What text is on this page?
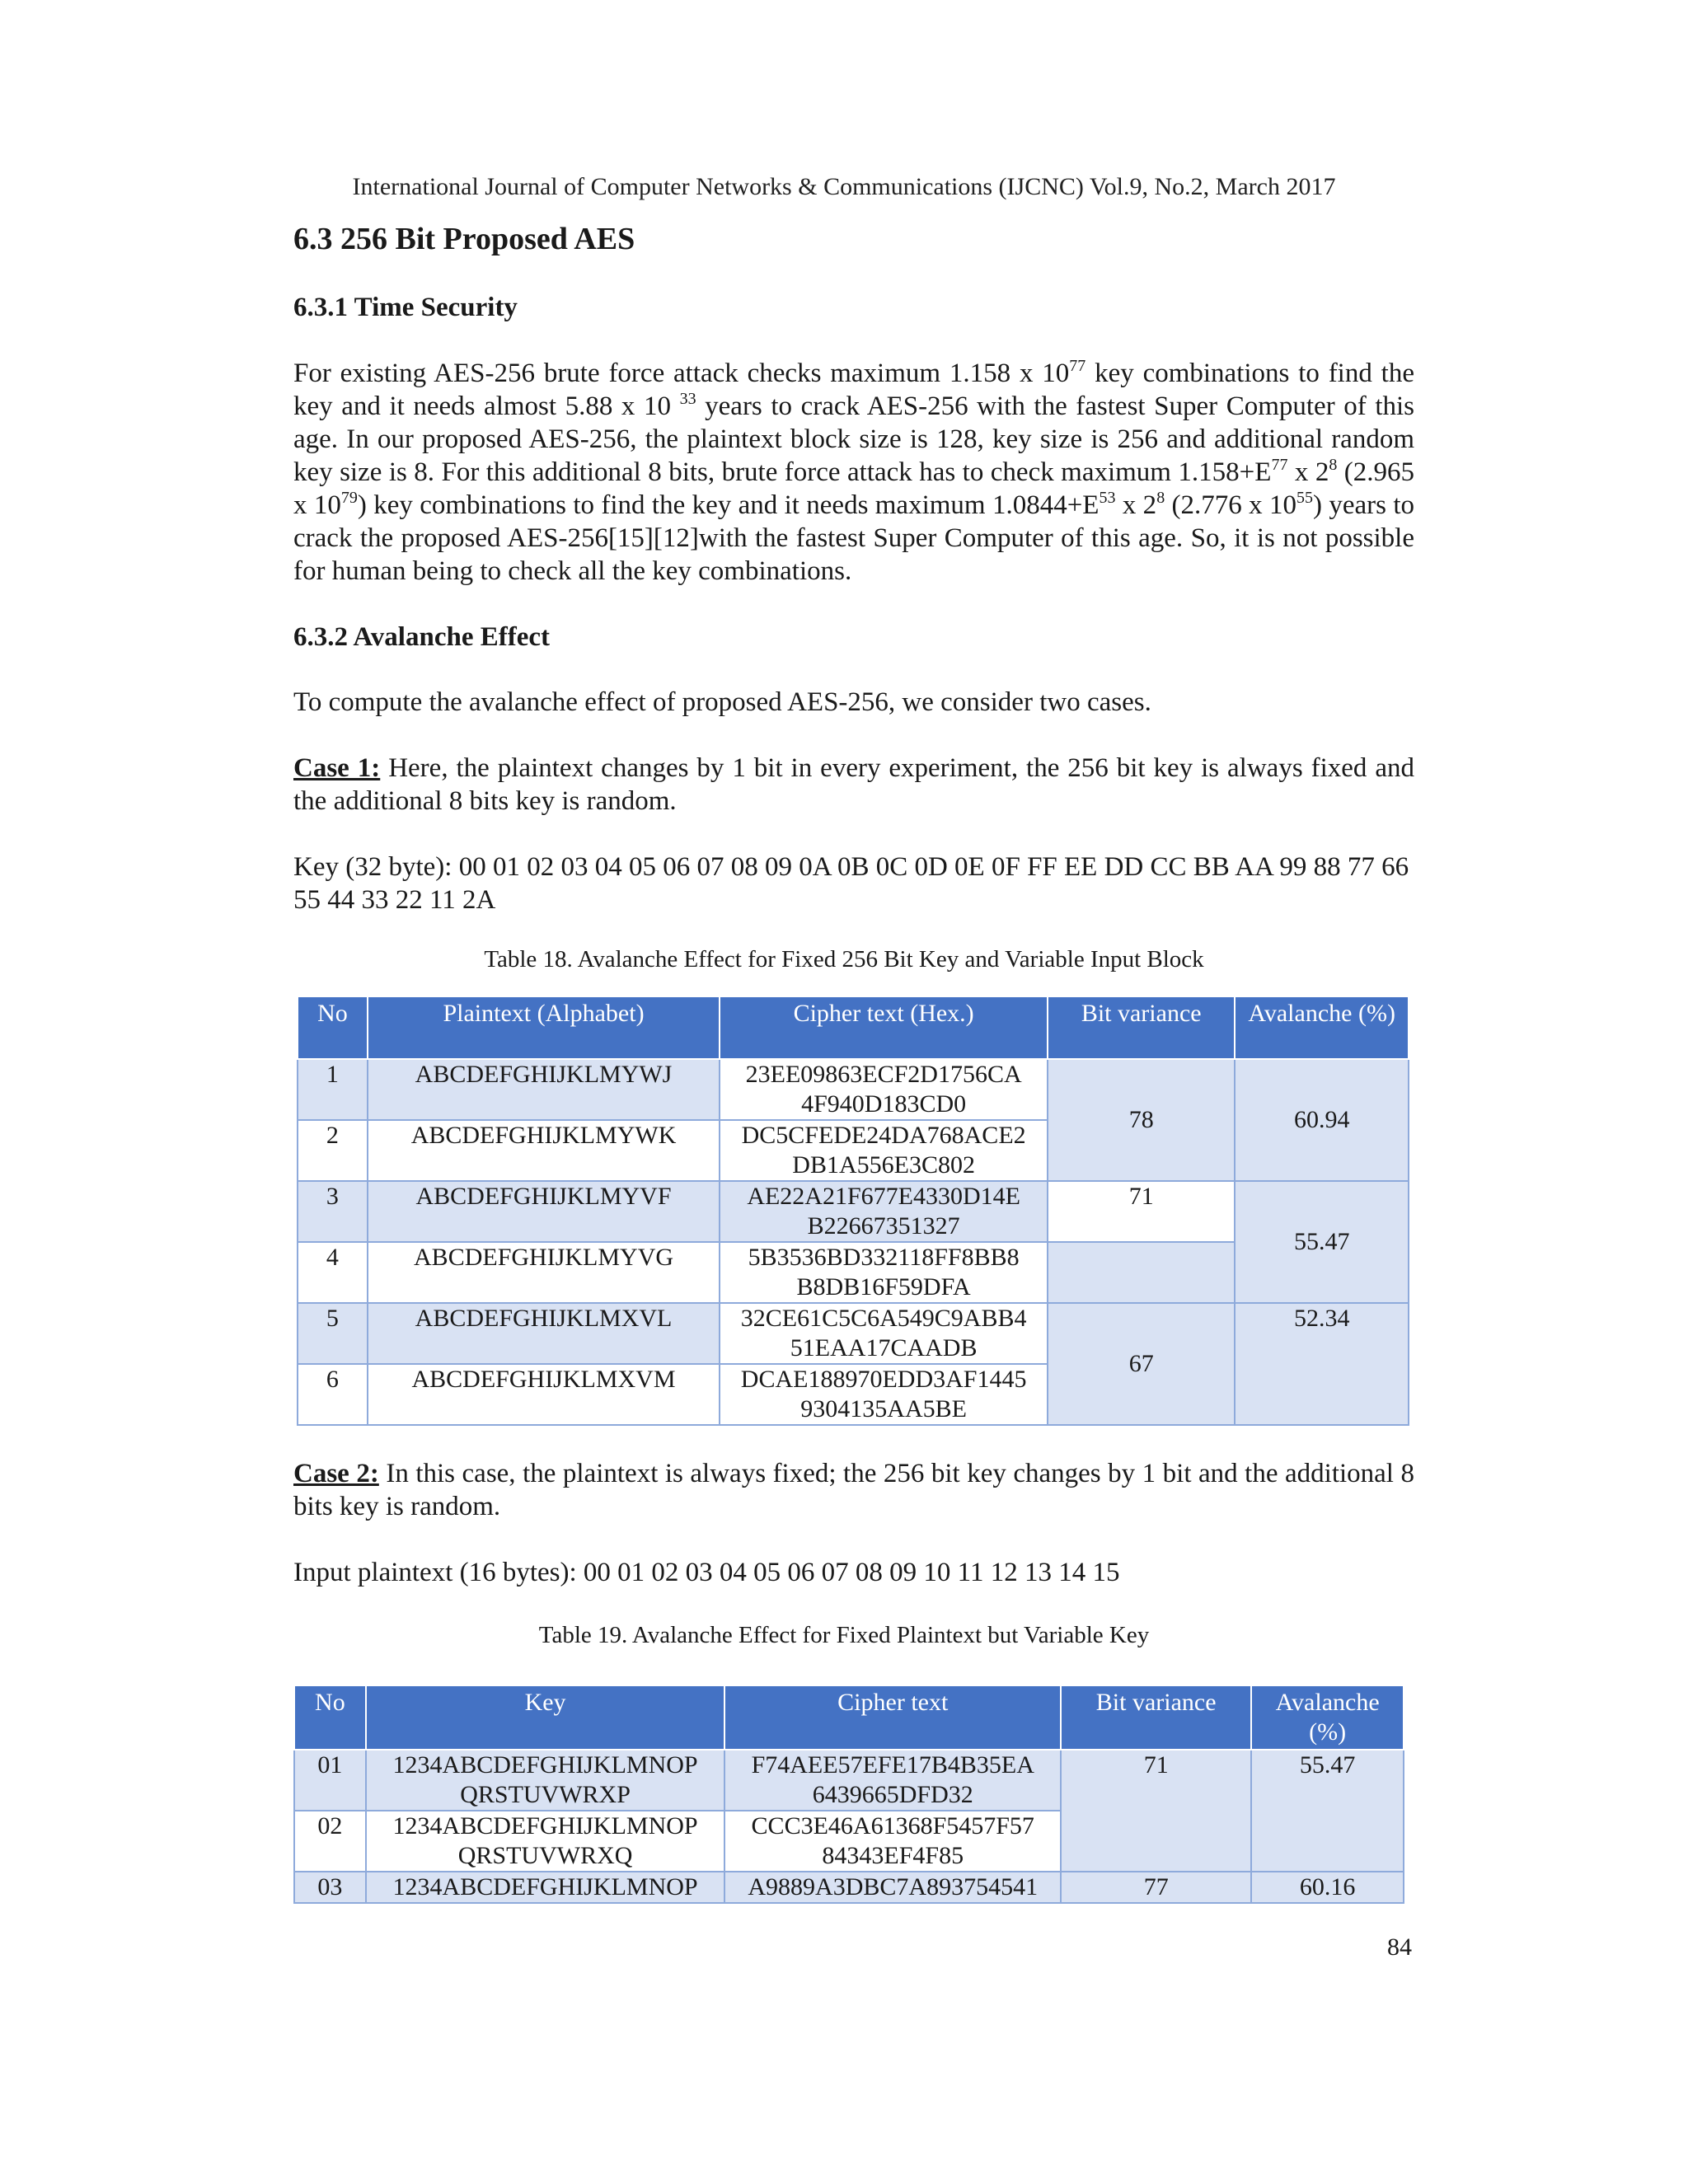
International Journal of Computer Networks & Communications (IJCNC) Vol.9, No.2, March 2017
6.3 256 Bit Proposed AES
6.3.1 Time Security
For existing AES-256 brute force attack checks maximum 1.158 x $10^{77}$ key combinations to find the key and it needs almost 5.88 x 10 $^{33}$ years to crack AES-256 with the fastest Super Computer of this age. In our proposed AES-256, the plaintext block size is 128, key size is 256 and additional random key size is 8. For this additional 8 bits, brute force attack has to check maximum $1.158+E^{77}$ x $2^8$ (2.965 x $10^{79}$) key combinations to find the key and it needs maximum $1.0844+E^{53}$ x $2^8$ (2.776 x $10^{55}$) years to crack the proposed AES-256[15][12]with the fastest Super Computer of this age. So, it is not possible for human being to check all the key combinations.
6.3.2 Avalanche Effect
To compute the avalanche effect of proposed AES-256, we consider two cases.
Case 1: Here, the plaintext changes by 1 bit in every experiment, the 256 bit key is always fixed and the additional 8 bits key is random.
Key (32 byte): 00 01 02 03 04 05 06 07 08 09 0A 0B 0C 0D 0E 0F FF EE DD CC BB AA 99 88 77 66 55 44 33 22 11 2A
Table 18. Avalanche Effect for Fixed 256 Bit Key and Variable Input Block
No	Plaintext (Alphabet)	Cipher text (Hex.)	Bit variance	Avalanche (%)
1	ABCDEFGHIJKLMYWJ	23EE09863ECF2D1756CA 4F940D183CD0	78	60.94
2	ABCDEFGHIJKLMYWK	DC5CFEDE24DA768ACE2 DB1A556E3C802		
3	ABCDEFGHIJKLMYVF	AE22A21F677E4330D14E B22667351327	71	55.47
4	ABCDEFGHIJKLMYVG	5B3536BD332118FF8BB8 B8DB16F59DFA		
5	ABCDEFGHIJKLMXVL	32CE61C5C6A549C9ABB4 51EAA17CAADB	67	52.34
6	ABCDEFGHIJKLMXVM	DCAE188970EDD3AF1445 9304135AA5BE		
Case 2: In this case, the plaintext is always fixed; the 256 bit key changes by 1 bit and the additional 8 bits key is random.
Input plaintext (16 bytes): 00 01 02 03 04 05 06 07 08 09 10 11 12 13 14 15
Table 19. Avalanche Effect for Fixed Plaintext but Variable Key
No	Key	Cipher text	Bit variance	Avalanche (%)
01	1234ABCDEFGHIJKLMNOP QRSTUVWRXP	F74AEE57EFE17B4B35EA 6439665DFD32	71	55.47
02	1234ABCDEFGHIJKLMNOP QRSTUVWRXQ	CCC3E46A61368F5457F57 84343EF4F85		
03	1234ABCDEFGHIJKLMNOP	A9889A3DBC7A893754541	77	60.16
84
